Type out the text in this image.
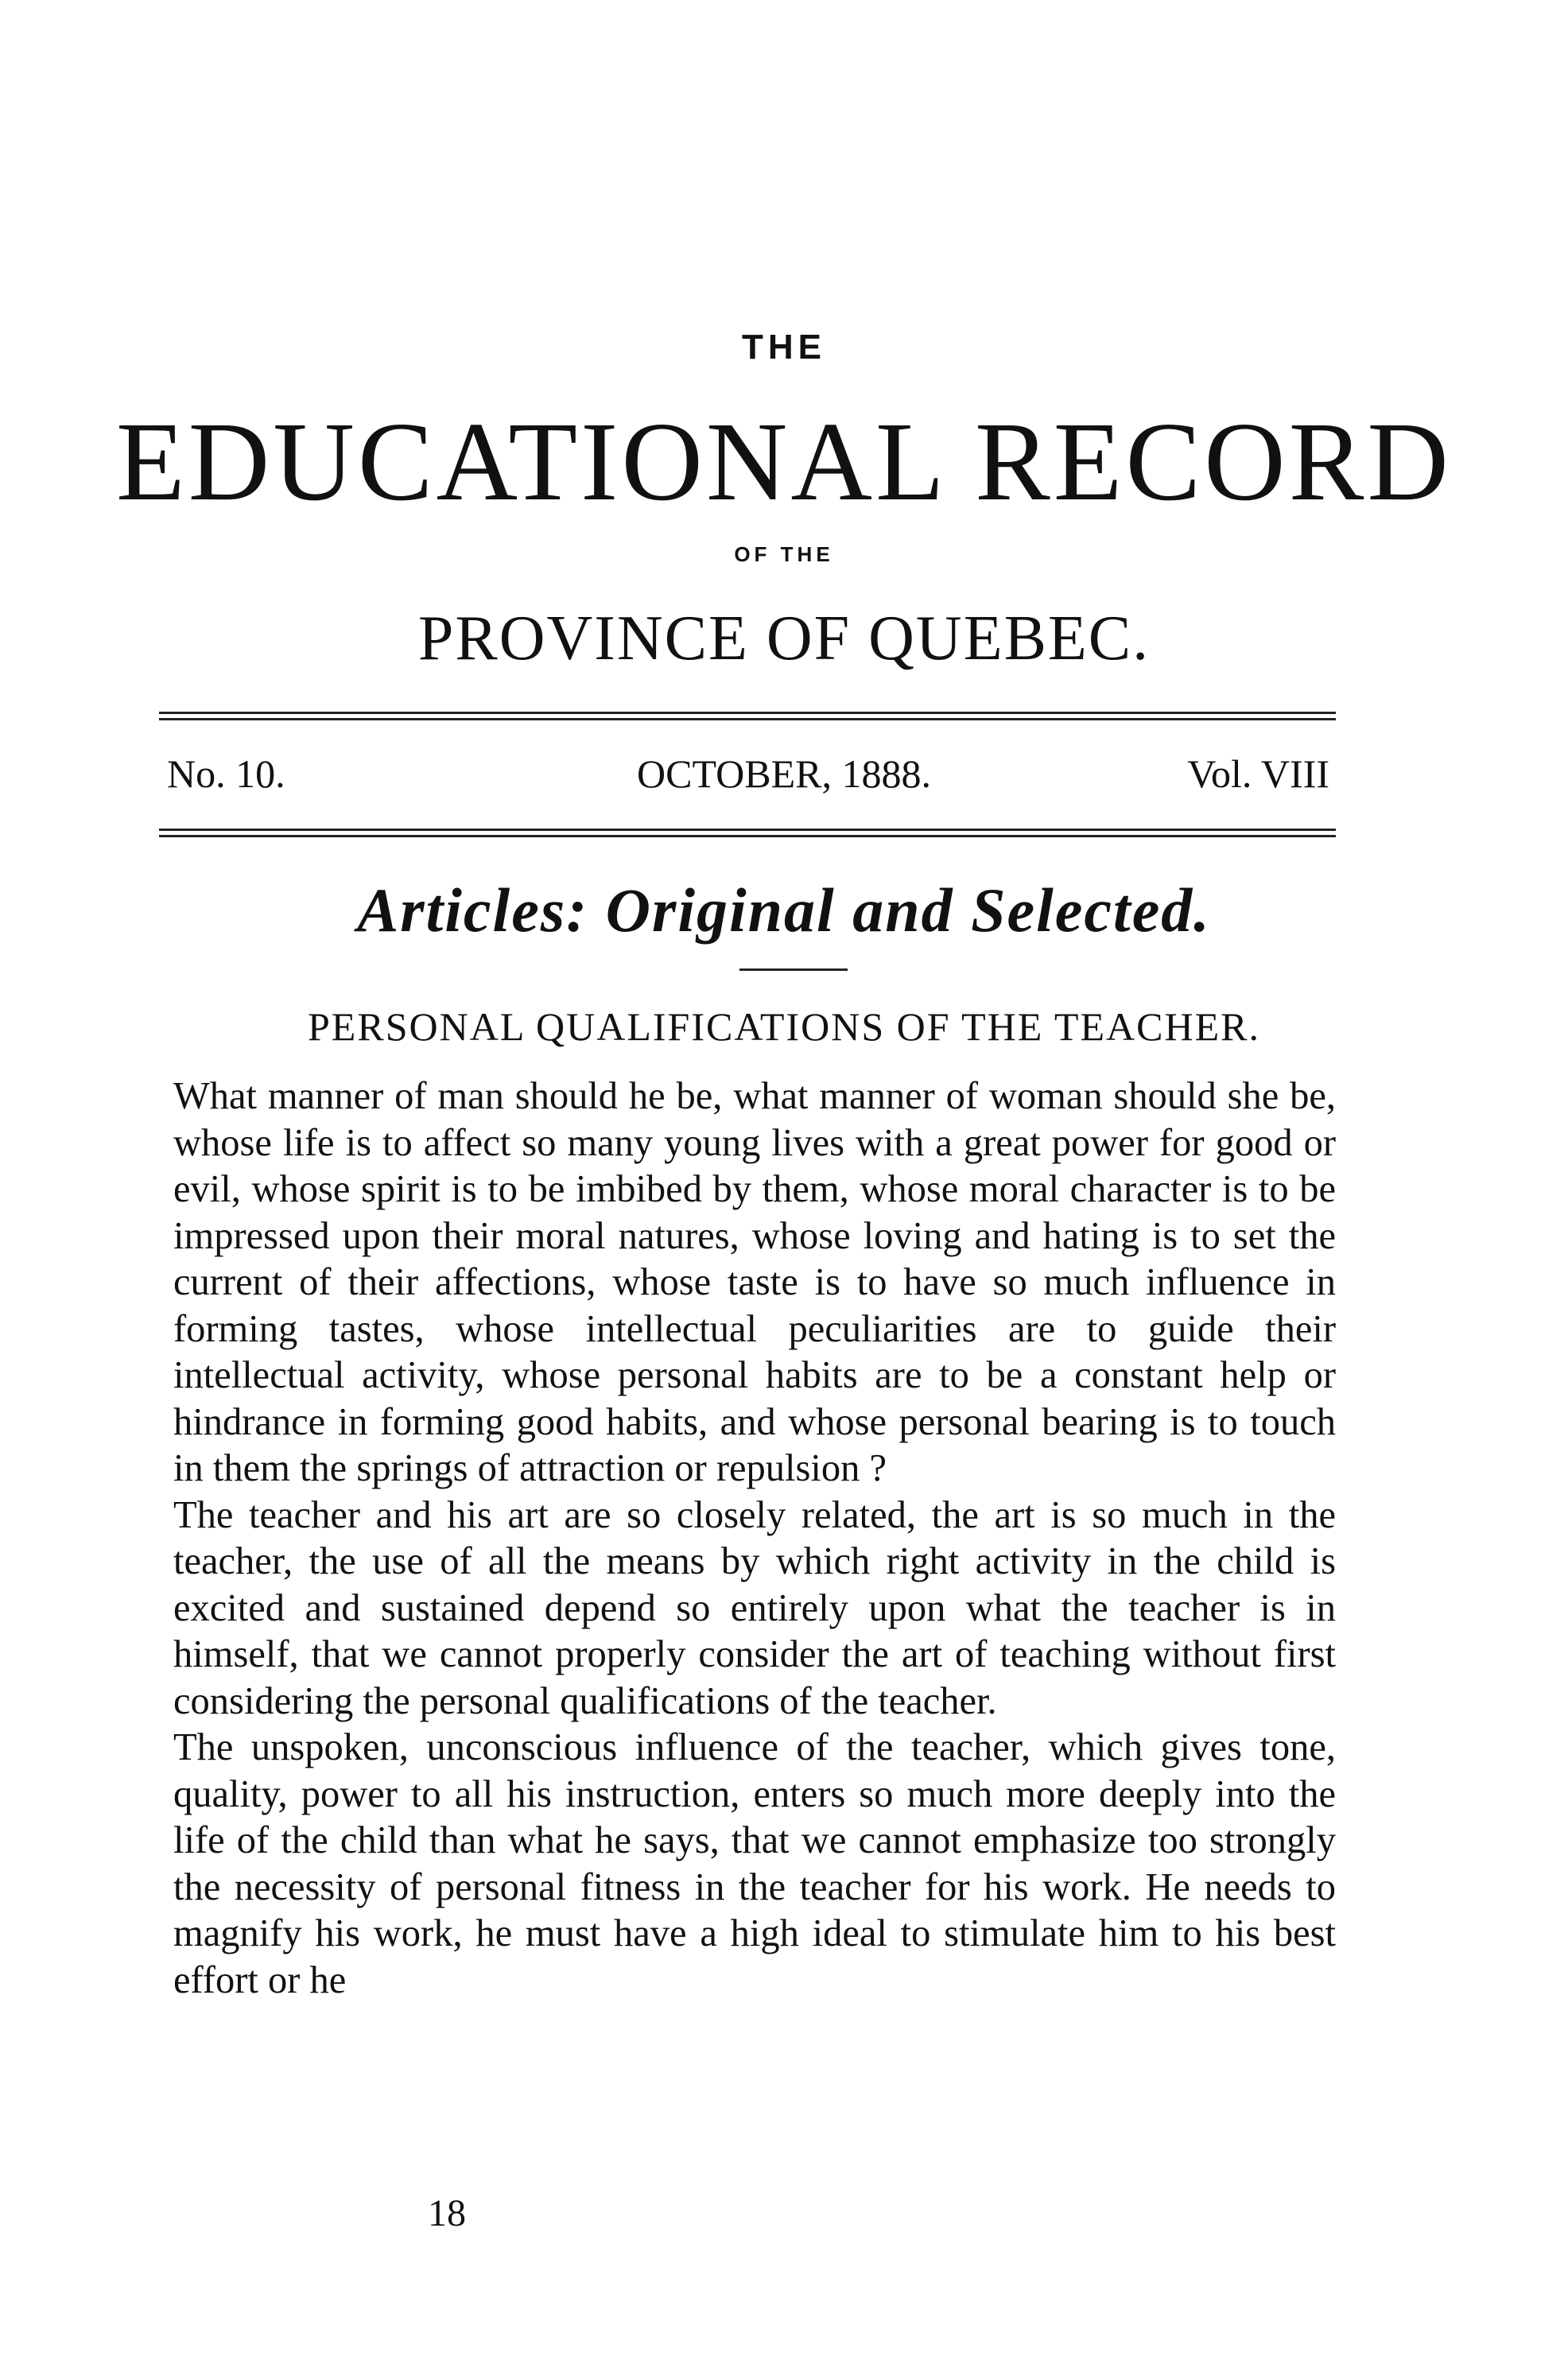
THE
EDUCATIONAL RECORD
OF THE
PROVINCE OF QUEBEC.
No. 10.	OCTOBER, 1888.	Vol. VIII
Articles: Original and Selected.
PERSONAL QUALIFICATIONS OF THE TEACHER.

What manner of man should he be, what manner of woman should she be, whose life is to affect so many young lives with a great power for good or evil, whose spirit is to be imbibed by them, whose moral character is to be impressed upon their moral natures, whose loving and hating is to set the current of their affections, whose taste is to have so much influence in forming tastes, whose intellectual peculiarities are to guide their intellectual activity, whose personal habits are to be a constant help or hindrance in forming good habits, and whose personal bearing is to touch in them the springs of attraction or repulsion ?

The teacher and his art are so closely related, the art is so much in the teacher, the use of all the means by which right activity in the child is excited and sustained depend so entirely upon what the teacher is in himself, that we cannot properly consider the art of teaching without first considering the personal qualifications of the teacher.

The unspoken, unconscious influence of the teacher, which gives tone, quality, power to all his instruction, enters so much more deeply into the life of the child than what he says, that we cannot emphasize too strongly the necessity of personal fitness in the teacher for his work. He needs to magnify his work, he must have a high ideal to stimulate him to his best effort or he

18
